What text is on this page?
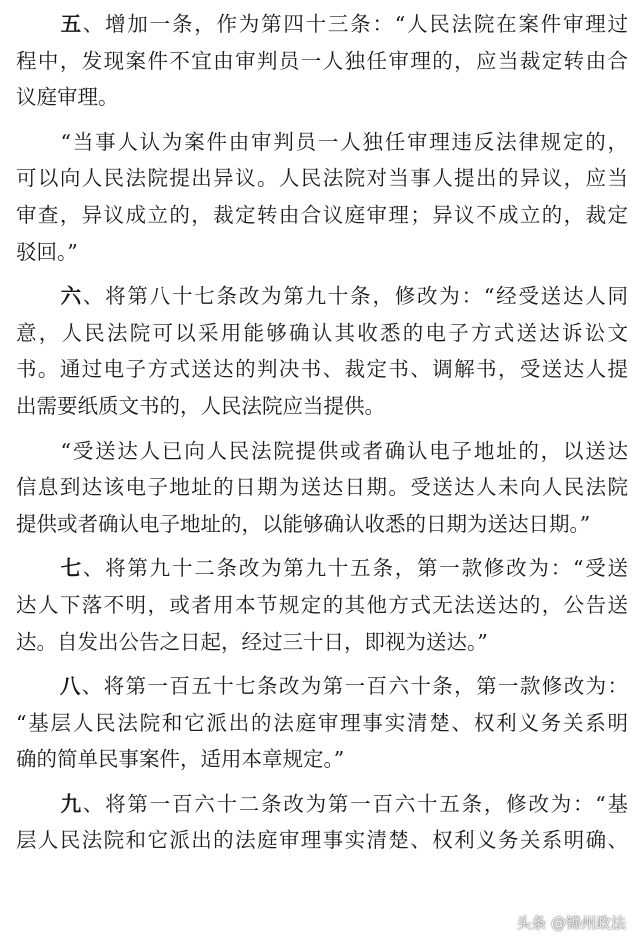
　　五、增加一条，作为第四十三条：“人民法院在案件审理过
程中，发现案件不宜由审判员一人独任审理的，应当裁定转由合
议庭审理。
　　“当事人认为案件由审判员一人独任审理违反法律规定的，
可以向人民法院提出异议。人民法院对当事人提出的异议，应当
审查，异议成立的，裁定转由合议庭审理；异议不成立的，裁定
驳回。”
　　六、将第八十七条改为第九十条，修改为：“经受送达人同
意，人民法院可以采用能够确认其收悉的电子方式送达诉讼文
书。通过电子方式送达的判决书、裁定书、调解书，受送达人提
出需要纸质文书的，人民法院应当提供。
　　“受送达人已向人民法院提供或者确认电子地址的，以送达
信息到达该电子地址的日期为送达日期。受送达人未向人民法院
提供或者确认电子地址的，以能够确认收悉的日期为送达日期。”
　　七、将第九十二条改为第九十五条，第一款修改为：“受送
达人下落不明，或者用本节规定的其他方式无法送达的，公告送
达。自发出公告之日起，经过三十日，即视为送达。”
　　八、将第一百五十七条改为第一百六十条，第一款修改为：
“基层人民法院和它派出的法庭审理事实清楚、权利义务关系明
确的简单民事案件，适用本章规定。”
　　九、将第一百六十二条改为第一百六十五条，修改为：“基
层人民法院和它派出的法庭审理事实清楚、权利义务关系明确、
头条 @锦州政法
